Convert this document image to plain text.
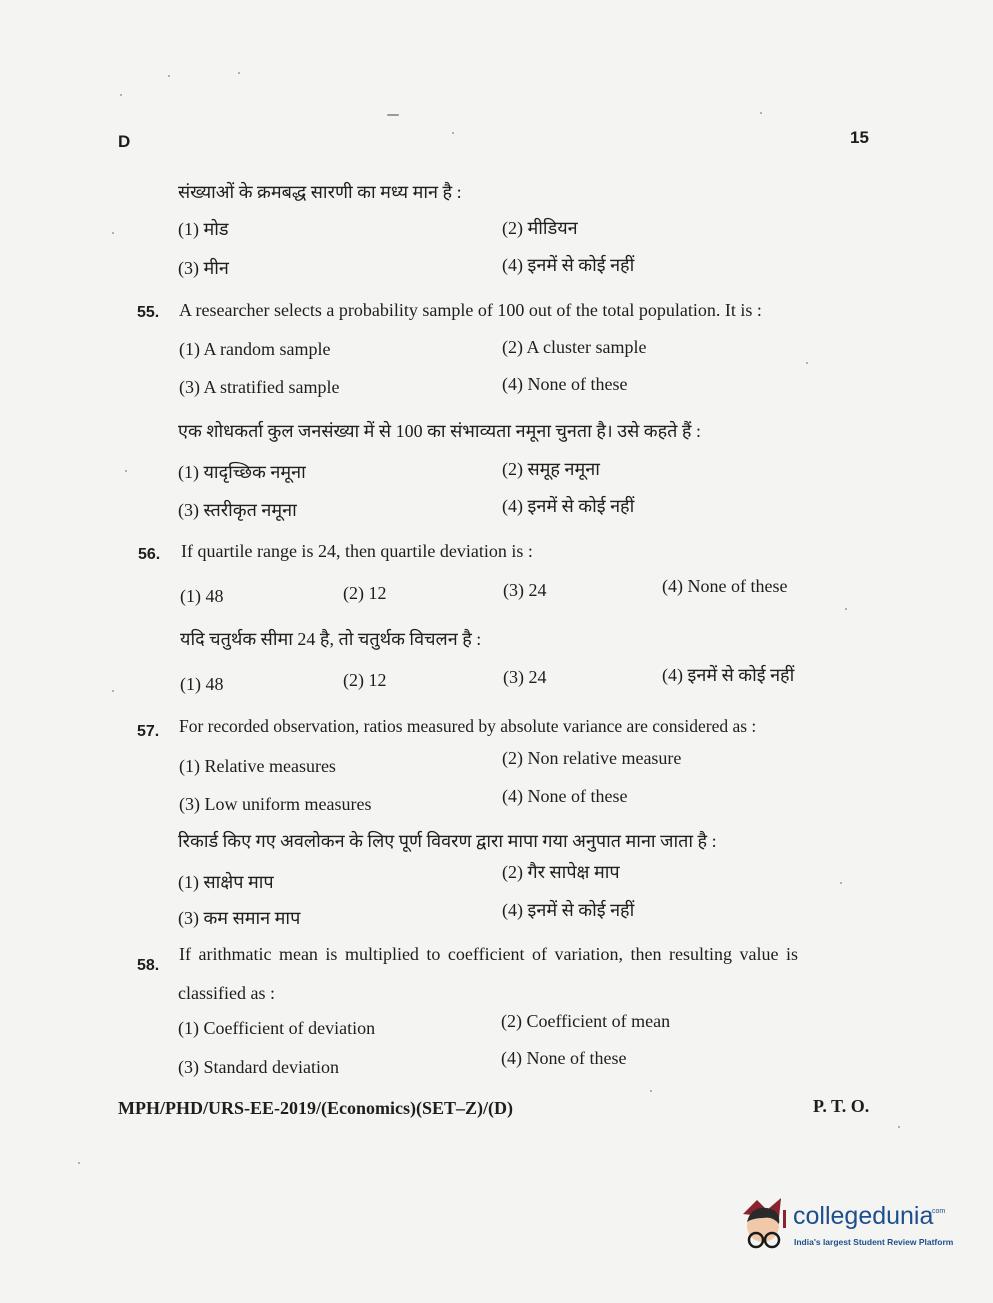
D	15
संख्याओं के क्रमबद्ध सारणी का मध्य मान है :
(1) मोड	(2) मीडियन
(3) मीन	(4) इनमें से कोई नहीं
55. A researcher selects a probability sample of 100 out of the total population. It is :
(1) A random sample	(2) A cluster sample
(3) A stratified sample	(4) None of these
एक शोधकर्ता कुल जनसंख्या में से 100 का संभाव्यता नमूना चुनता है। उसे कहते हैं :
(1) यादृच्छिक नमूना	(2) समूह नमूना
(3) स्तरीकृत नमूना	(4) इनमें से कोई नहीं
56. If quartile range is 24, then quartile deviation is :
(1) 48	(2) 12	(3) 24	(4) None of these
यदि चतुर्थक सीमा 24 है, तो चतुर्थक विचलन है :
(1) 48	(2) 12	(3) 24	(4) इनमें से कोई नहीं
57. For recorded observation, ratios measured by absolute variance are considered as :
(1) Relative measures	(2) Non relative measure
(3) Low uniform measures	(4) None of these
रिकार्ड किए गए अवलोकन के लिए पूर्ण विवरण द्वारा मापा गया अनुपात माना जाता है :
(1) साक्षेप माप	(2) गैर सापेक्ष माप
(3) कम समान माप	(4) इनमें से कोई नहीं
58.
If arithmatic mean is multiplied to coefficient of variation, then resulting value is
classified as :
(1) Coefficient of deviation	(2) Coefficient of mean
(3) Standard deviation	(4) None of these
MPH/PHD/URS-EE-2019/(Economics)(SET–Z)/(D)	P. T. O.
collegedunia
.com
India's largest Student Review Platform
